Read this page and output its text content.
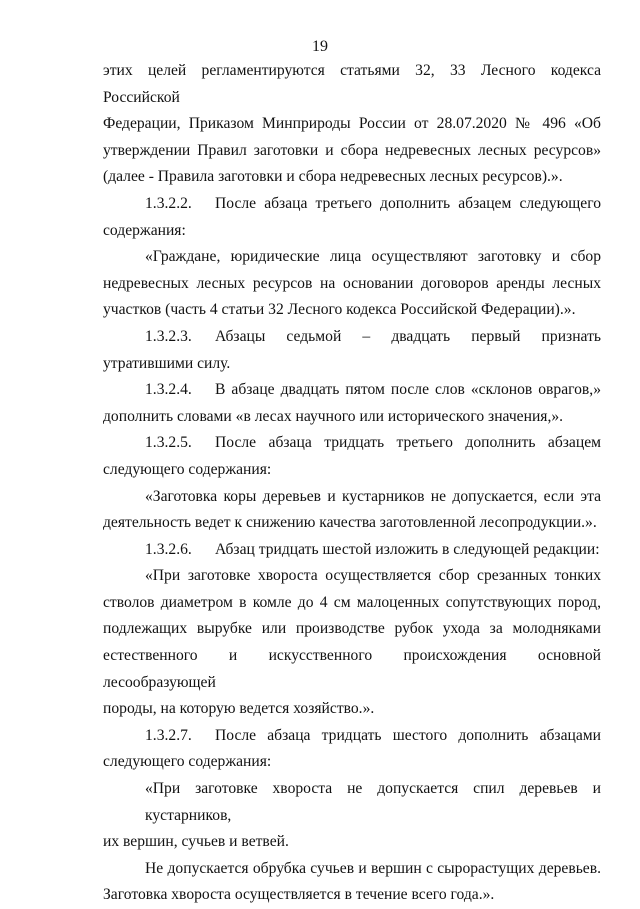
19
этих целей регламентируются статьями 32, 33 Лесного кодекса Российской
Федерации, Приказом Минприроды России от 28.07.2020 № 496 «Об
утверждении Правил заготовки и сбора недревесных лесных ресурсов»
(далее - Правила заготовки и сбора недревесных лесных ресурсов).».
1.3.2.2. После абзаца третьего дополнить абзацем следующего
содержания:
«Граждане, юридические лица осуществляют заготовку и сбор
недревесных лесных ресурсов на основании договоров аренды лесных
участков (часть 4 статьи 32 Лесного кодекса Российской Федерации).».
1.3.2.3. Абзацы седьмой – двадцать первый признать
утратившими силу.
1.3.2.4. В абзаце двадцать пятом после слов «склонов оврагов,»
дополнить словами «в лесах научного или исторического значения,».
1.3.2.5. После абзаца тридцать третьего дополнить абзацем
следующего содержания:
«Заготовка коры деревьев и кустарников не допускается, если эта
деятельность ведет к снижению качества заготовленной лесопродукции.».
1.3.2.6. Абзац тридцать шестой изложить в следующей редакции:
«При заготовке хвороста осуществляется сбор срезанных тонких
стволов диаметром в комле до 4 см малоценных сопутствующих пород,
подлежащих вырубке или производстве рубок ухода за молодняками
естественного и искусственного происхождения основной лесообразующей
породы, на которую ведется хозяйство.».
1.3.2.7. После абзаца тридцать шестого дополнить абзацами
следующего содержания:
«При заготовке хвороста не допускается спил деревьев и кустарников,
их вершин, сучьев и ветвей.
Не допускается обрубка сучьев и вершин с сырорастущих деревьев.
Заготовка хвороста осуществляется в течение всего года.».
